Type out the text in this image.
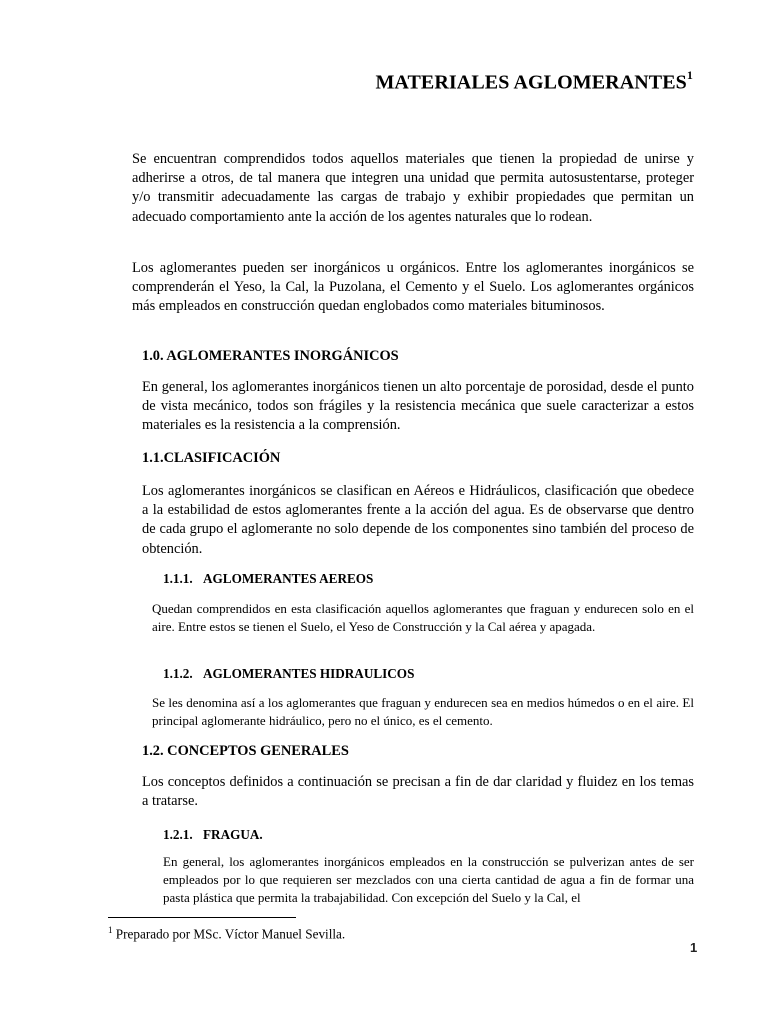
MATERIALES AGLOMERANTES$^1$

Se encuentran comprendidos todos aquellos materiales que tienen la propiedad de unirse y adherirse a otros, de tal manera que integren una unidad que permita autosustentarse, proteger y/o transmitir adecuadamente las cargas de trabajo y exhibir propiedades que permitan un adecuado comportamiento ante la acción de los agentes naturales que lo rodean.

Los aglomerantes pueden ser inorgánicos u orgánicos. Entre los aglomerantes inorgánicos se comprenderán el Yeso, la Cal, la Puzolana, el Cemento y el Suelo. Los aglomerantes orgánicos más empleados en construcción quedan englobados como materiales bituminosos.

1.0. AGLOMERANTES INORGÁNICOS

En general, los aglomerantes inorgánicos tienen un alto porcentaje de porosidad, desde el punto de vista mecánico, todos son frágiles y la resistencia mecánica que suele caracterizar a estos materiales es la resistencia a la comprensión.

1.1.CLASIFICACIÓN

Los aglomerantes inorgánicos se clasifican en Aéreos e Hidráulicos, clasificación que obedece a la estabilidad de estos aglomerantes frente a la acción del agua. Es de observarse que dentro de cada grupo el aglomerante no solo depende de los componentes sino también del proceso de obtención.

1.1.1. AGLOMERANTES AEREOS

Quedan comprendidos en esta clasificación aquellos aglomerantes que fraguan y endurecen solo en el aire. Entre estos se tienen el Suelo, el Yeso de Construcción y la Cal aérea y apagada.

1.1.2. AGLOMERANTES HIDRAULICOS

Se les denomina así a los aglomerantes que fraguan y endurecen sea en medios húmedos o en el aire. El principal aglomerante hidráulico, pero no el único, es el cemento.

1.2. CONCEPTOS GENERALES

Los conceptos definidos a continuación se precisan a fin de dar claridad y fluidez en los temas a tratarse.

1.2.1. FRAGUA.

En general, los aglomerantes inorgánicos empleados en la construcción se pulverizan antes de ser empleados por lo que requieren ser mezclados con una cierta cantidad de agua a fin de formar una pasta plástica que permita la trabajabilidad. Con excepción del Suelo y la Cal, el

$^1$ Preparado por MSc. Víctor Manuel Sevilla.
1
